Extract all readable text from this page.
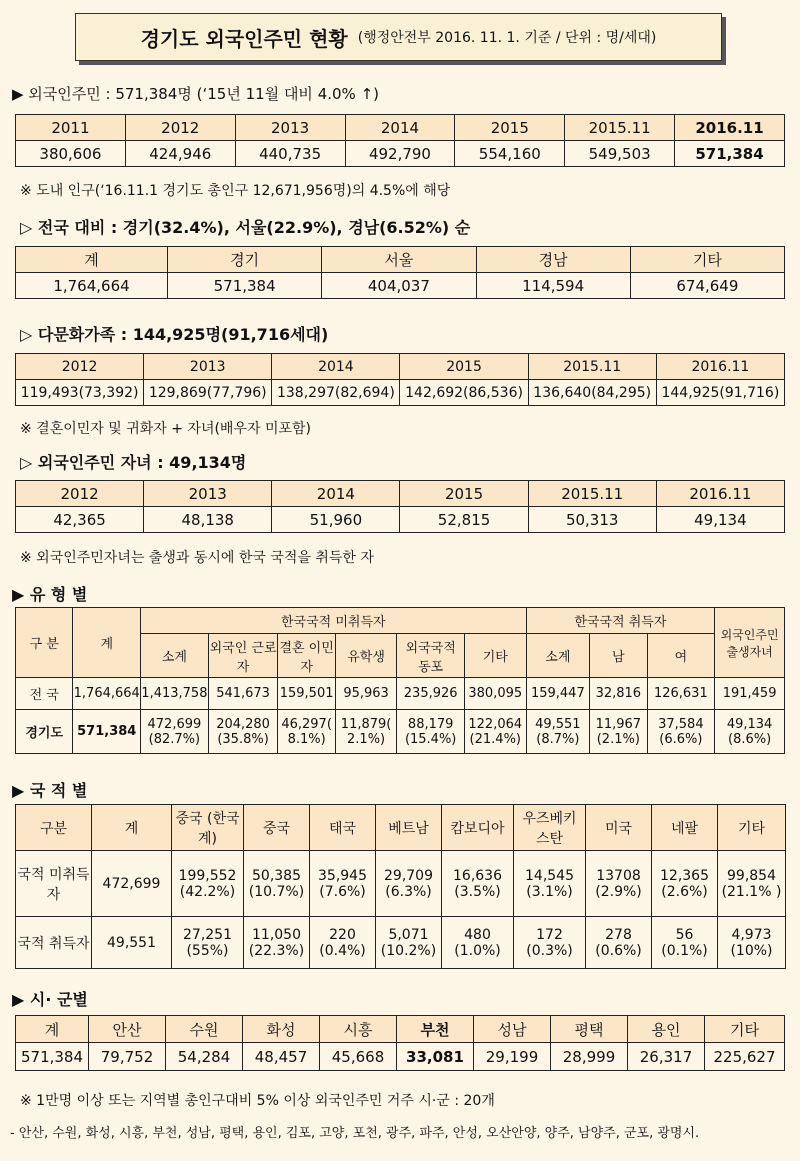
경기도 외국인주민 현황 (행정안전부 2016. 11. 1. 기준 / 단위 : 명/세대)
▶ 외국인주민 : 571,384명 (‘15년 11월 대비 4.0% ↑)
2011	2012	2013	2014	2015	2015.11	2016.11
380,606	424,946	440,735	492,790	554,160	549,503	571,384
※ 도내 인구(‘16.11.1 경기도 총인구 12,671,956명)의 4.5%에 해당
▷ 전국 대비 : 경기(32.4%), 서울(22.9%), 경남(6.52%) 순
계	경기	서울	경남	기타
1,764,664	571,384	404,037	114,594	674,649
▷ 다문화가족 : 144,925명(91,716세대)
2012	2013	2014	2015	2015.11	2016.11
119,493(73,392)	129,869(77,796)	138,297(82,694)	142,692(86,536)	136,640(84,295)	144,925(91,716)
※ 결혼이민자 및 귀화자 + 자녀(배우자 미포함)
▷ 외국인주민 자녀 : 49,134명
2012	2013	2014	2015	2015.11	2016.11
42,365	48,138	51,960	52,815	50,313	49,134
※ 외국인주민자녀는 출생과 동시에 한국 국적을 취득한 자
▶ 유 형 별
구 분	계	한국국적 미취득자						한국국적 취득자			외국인주민 출생자녀
		소계	외국인 근로자	결혼 이민자	유학생	외국국적 동포	기타	소계	남	여	
전 국	1,764,664	1,413,758	541,673	159,501	95,963	235,926	380,095	159,447	32,816	126,631	191,459
경기도	571,384	472,699 (82.7%)	204,280 (35.8%)	46,297( 8.1%)	11,879( 2.1%)	88,179 (15.4%)	122,064 (21.4%)	49,551 (8.7%)	11,967 (2.1%)	37,584 (6.6%)	49,134 (8.6%)
▶ 국 적 별
구분	계	중국 (한국계)	중국	태국	베트남	캄보디아	우즈베키 스탄	미국	네팔	기타
국적 미취득자	472,699	199,552 (42.2%)	50,385 (10.7%)	35,945 (7.6%)	29,709 (6.3%)	16,636 (3.5%)	14,545 (3.1%)	13708 (2.9%)	12,365 (2.6%)	99,854 (21.1% )
국적 취득자	49,551	27,251 (55%)	11,050 (22.3%)	220 (0.4%)	5,071 (10.2%)	480 (1.0%)	172 (0.3%)	278 (0.6%)	56 (0.1%)	4,973 (10%)
▶ 시· 군별
계	안산	수원	화성	시흥	부천	성남	평택	용인	기타
571,384	79,752	54,284	48,457	45,668	33,081	29,199	28,999	26,317	225,627
※ 1만명 이상 또는 지역별 총인구대비 5% 이상 외국인주민 거주 시·군 : 20개
- 안산, 수원, 화성, 시흥, 부천, 성남, 평택, 용인, 김포, 고양, 포천, 광주, 파주, 안성, 오산안양, 양주, 남양주, 군포, 광명시.
